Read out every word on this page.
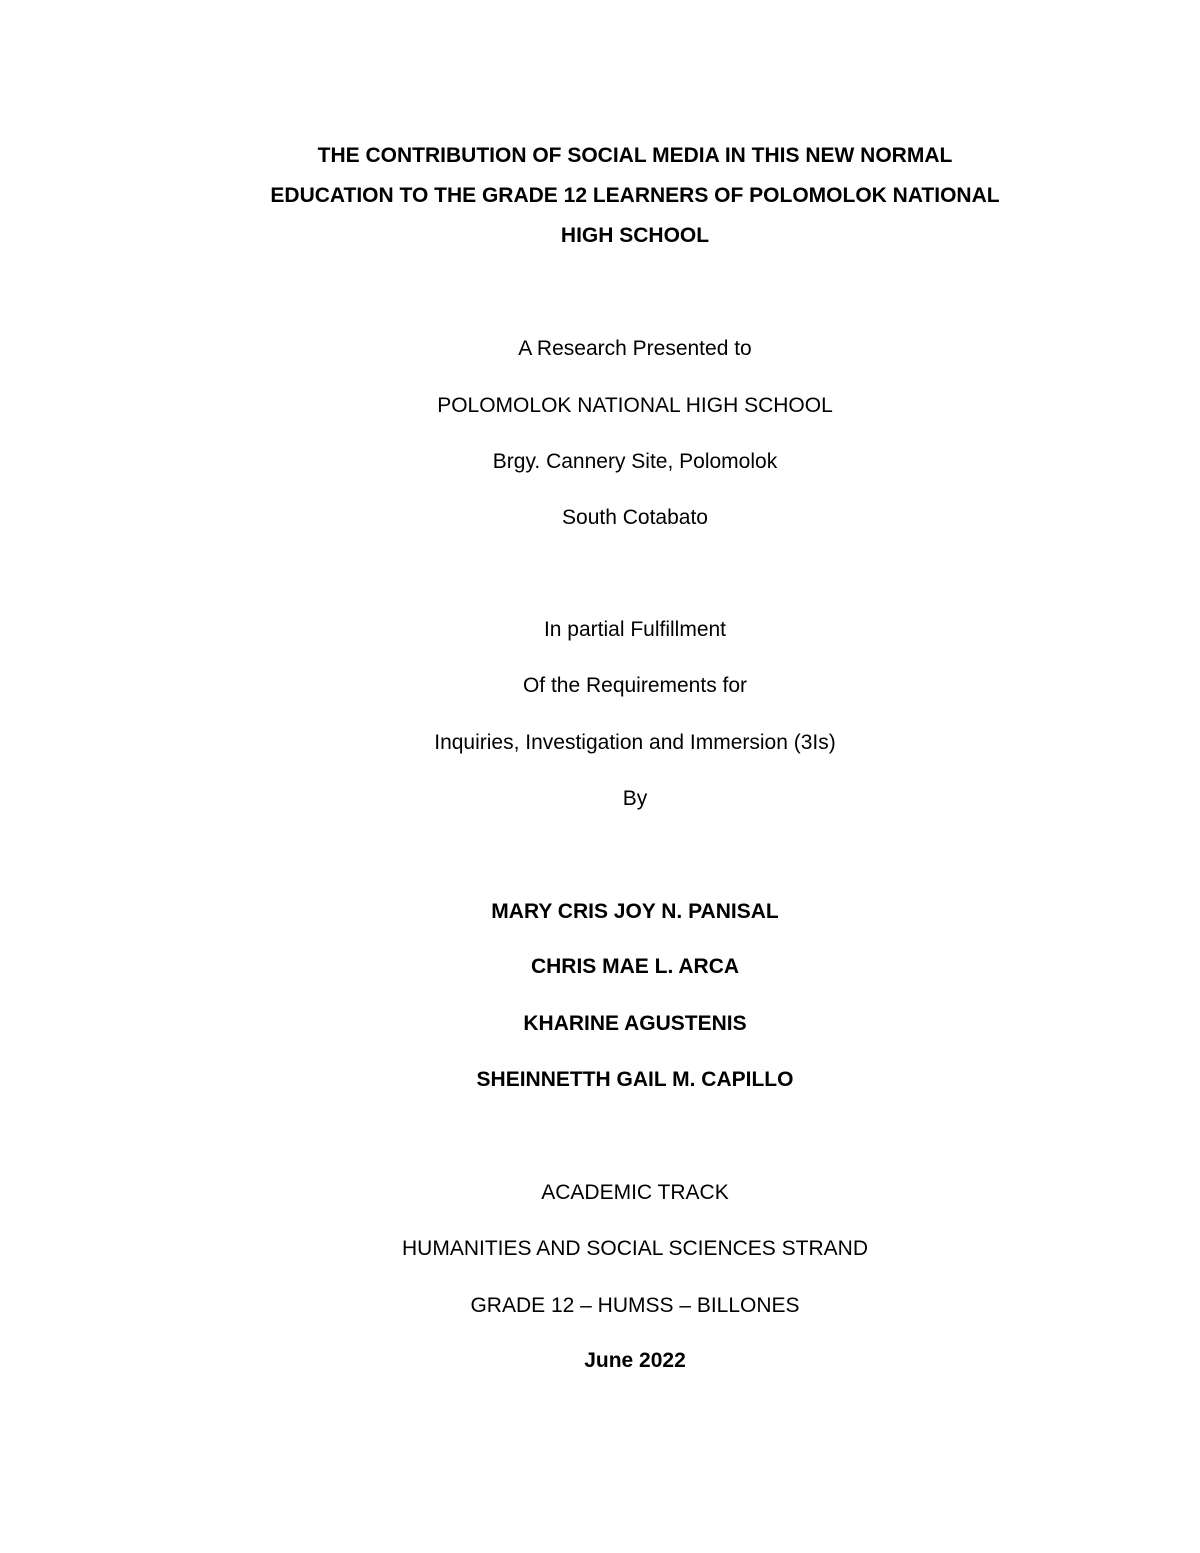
THE CONTRIBUTION OF SOCIAL MEDIA IN THIS NEW NORMAL
EDUCATION TO THE GRADE 12 LEARNERS OF POLOMOLOK NATIONAL
HIGH SCHOOL
A Research Presented to
POLOMOLOK NATIONAL HIGH SCHOOL
Brgy. Cannery Site, Polomolok
South Cotabato
In partial Fulfillment
Of the Requirements for
Inquiries, Investigation and Immersion (3Is)
By
MARY CRIS JOY N. PANISAL
CHRIS MAE L. ARCA
KHARINE AGUSTENIS
SHEINNETTH GAIL M. CAPILLO
ACADEMIC TRACK
HUMANITIES AND SOCIAL SCIENCES STRAND
GRADE 12 – HUMSS – BILLONES
June 2022
